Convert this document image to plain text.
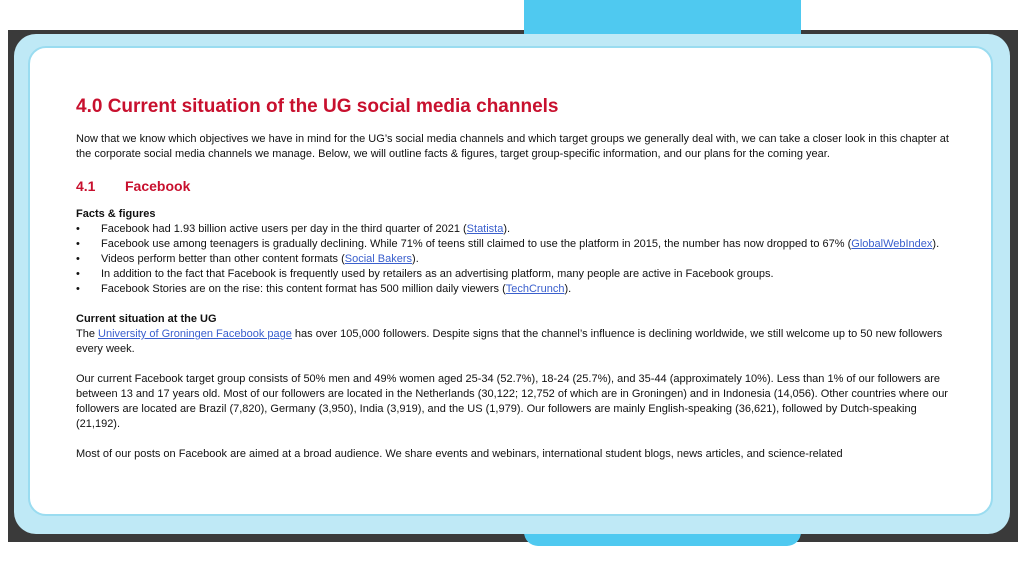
4.0 Current situation of the UG social media channels

Now that we know which objectives we have in mind for the UG’s social media channels and which target groups we generally deal with, we can take a closer look in this chapter at the corporate social media channels we manage. Below, we will outline facts & figures, target group-specific information, and our plans for the coming year.

4.1	Facebook
Facts & figures
•	Facebook had 1.93 billion active users per day in the third quarter of 2021 (Statista).
•	Facebook use among teenagers is gradually declining. While 71% of teens still claimed to use the platform in 2015, the number has now dropped to 67% (GlobalWebIndex).
•	Videos perform better than other content formats (Social Bakers).
•	In addition to the fact that Facebook is frequently used by retailers as an advertising platform, many people are active in Facebook groups.
•	Facebook Stories are on the rise: this content format has 500 million daily viewers (TechCrunch).
Current situation at the UG

The University of Groningen Facebook page has over 105,000 followers. Despite signs that the channel’s influence is declining worldwide, we still welcome up to 50 new followers every week.

Our current Facebook target group consists of 50% men and 49% women aged 25-34 (52.7%), 18-24 (25.7%), and 35-44 (approximately 10%). Less than 1% of our followers are between 13 and 17 years old. Most of our followers are located in the Netherlands (30,122; 12,752 of which are in Groningen) and in Indonesia (14,056). Other countries where our followers are located are Brazil (7,820), Germany (3,950), India (3,919), and the US (1,979). Our followers are mainly English-speaking (36,621), followed by Dutch-speaking (21,192).

Most of our posts on Facebook are aimed at a broad audience. We share events and webinars, international student blogs, news articles, and science-related
